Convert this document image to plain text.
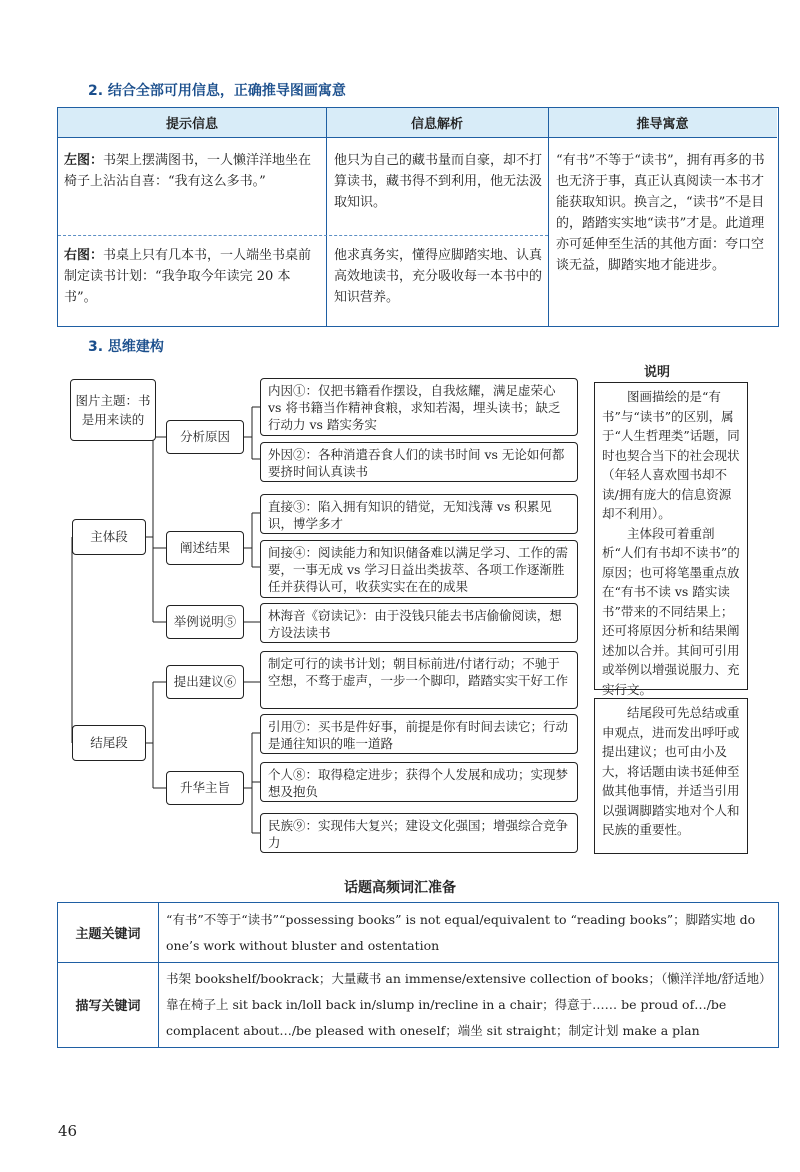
2. 结合全部可用信息，正确推导图画寓意
提示信息	信息解析	推导寓意
左图：书架上摆满图书，一人懒洋洋地坐在椅子上沾沾自喜：“我有这么多书。”
他只为自己的藏书量而自豪，却不打算读书，藏书得不到利用，他无法汲取知识。
右图：书桌上只有几本书，一人端坐书桌前制定读书计划：“我争取今年读完 20 本书”。
他求真务实，懂得应脚踏实地、认真高效地读书，充分吸收每一本书中的知识营养。
“有书”不等于“读书”，拥有再多的书也无济于事，真正认真阅读一本书才能获取知识。换言之，“读书”不是目的，踏踏实实地“读书”才是。此道理亦可延伸至生活的其他方面：夸口空谈无益，脚踏实地才能进步。
3. 思维建构
图片主题：书是用来读的
主体段
结尾段
分析原因
阐述结果
举例说明⑤
提出建议⑥
升华主旨
内因①：仅把书籍看作摆设，自我炫耀，满足虚荣心 vs 将书籍当作精神食粮，求知若渴，埋头读书；缺乏行动力 vs 踏实务实
外因②：各种消遣吞食人们的读书时间 vs 无论如何都要挤时间认真读书
直接③：陷入拥有知识的错觉，无知浅薄 vs 积累见识，博学多才
间接④：阅读能力和知识储备难以满足学习、工作的需要，一事无成 vs 学习日益出类拔萃、各项工作逐渐胜任并获得认可，收获实实在在的成果
林海音《窃读记》：由于没钱只能去书店偷偷阅读，想方设法读书
制定可行的读书计划；朝目标前进/付诸行动；不驰于空想，不骛于虚声，一步一个脚印，踏踏实实干好工作
引用⑦：买书是件好事，前提是你有时间去读它；行动是通往知识的唯一道路
个人⑧：取得稳定进步；获得个人发展和成功；实现梦想及抱负
民族⑨：实现伟大复兴；建设文化强国；增强综合竞争力
说明
图画描绘的是“有书”与“读书”的区别，属于“人生哲理类”话题，同时也契合当下的社会现状（年轻人喜欢囤书却不读/拥有庞大的信息资源却不利用）。
主体段可着重剖析“人们有书却不读书”的原因；也可将笔墨重点放在“有书不读 vs 踏实读书”带来的不同结果上；还可将原因分析和结果阐述加以合并。其间可引用或举例以增强说服力、充实行文。
结尾段可先总结或重申观点，进而发出呼吁或提出建议；也可由小及大，将话题由读书延伸至做其他事情，并适当引用以强调脚踏实地对个人和民族的重要性。
话题高频词汇准备
主题关键词
“有书”不等于“读书”“possessing books” is not equal/equivalent to “reading books”；脚踏实地 do one’s work without bluster and ostentation
描写关键词
书架 bookshelf/bookrack；大量藏书 an immense/extensive collection of books；（懒洋洋地/舒适地）靠在椅子上 sit back in/loll back in/slump in/recline in a chair；得意于…… be proud of…/be complacent about…/be pleased with oneself；端坐 sit straight；制定计划 make a plan
46
